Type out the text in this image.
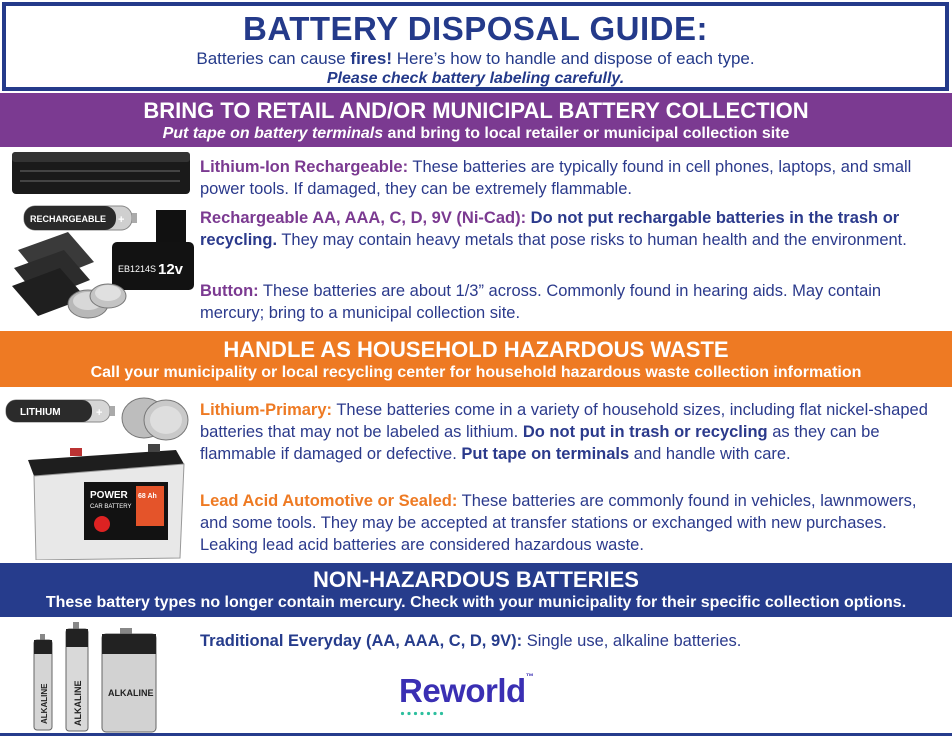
BATTERY DISPOSAL GUIDE:
Batteries can cause fires! Here’s how to handle and dispose of each type.
Please check battery labeling carefully.
BRING TO RETAIL AND/OR MUNICIPAL BATTERY COLLECTION
Put tape on battery terminals and bring to local retailer or municipal collection site
RECHARGEABLE +
EB1214S 12v
Lithium-Ion Rechargeable: These batteries are typically found in cell phones, laptops, and small power tools. If damaged, they can be extremely flammable.
Rechargeable AA, AAA, C, D, 9V (Ni-Cad): Do not put rechargable batteries in the trash or recycling. They may contain heavy metals that pose risks to human health and the environment.
Button: These batteries are about 1/3” across. Commonly found in hearing aids. May contain mercury; bring to a municipal collection site.
HANDLE AS HOUSEHOLD HAZARDOUS WASTE
Call your municipality or local recycling center for household hazardous waste collection information
LITHIUM	+
POWER
CAR BATTERY
68 Ah
Lithium-Primary: These batteries come in a variety of household sizes, including flat nickel-shaped batteries that may not be labeled as lithium. Do not put in trash or recycling as they can be flammable if damaged or defective. Put tape on terminals and handle with care.
Lead Acid Automotive or Sealed: These batteries are commonly found in vehicles, lawnmowers, and some tools. They may be accepted at transfer stations or exchanged with new purchases. Leaking lead acid batteries are considered hazardous waste.
NON-HAZARDOUS BATTERIES
These battery types no longer contain mercury. Check with your municipality for their specific collection options.
ALKALINE	ALKALINE	ALKALINE
Traditional Everyday (AA, AAA, C, D, 9V): Single use, alkaline batteries.
Reworld™
